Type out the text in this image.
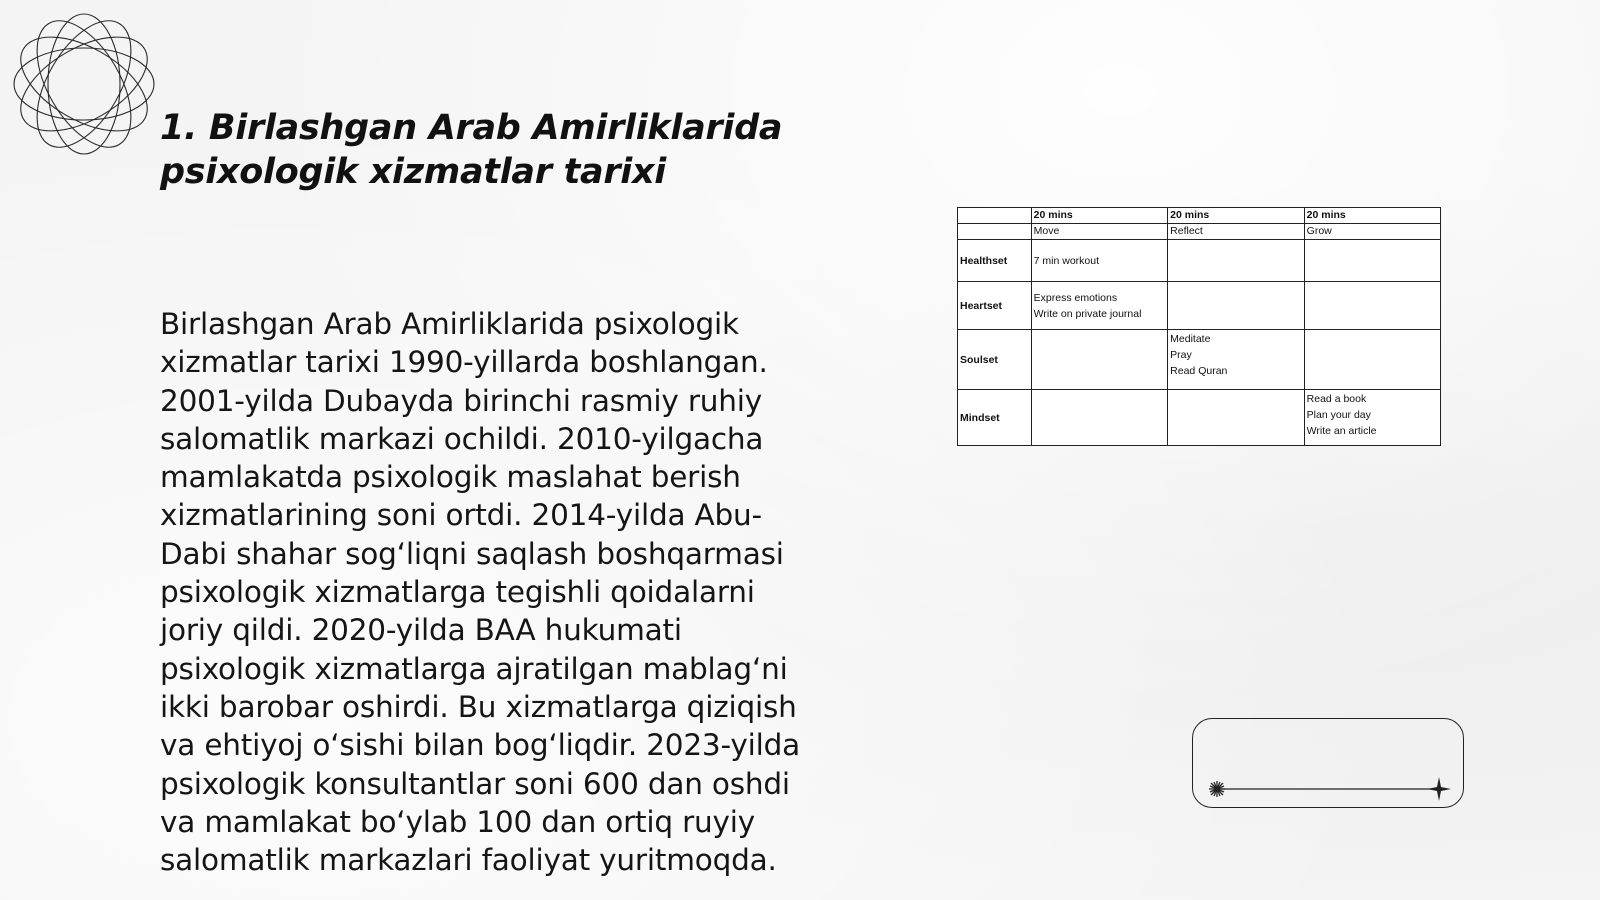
1. Birlashgan Arab Amirliklarida
psixologik xizmatlar tarixi

Birlashgan Arab Amirliklarida psixologik xizmatlar tarixi 1990-yillarda boshlangan. 2001-yilda Dubayda birinchi rasmiy ruhiy salomatlik markazi ochildi. 2010-yilgacha mamlakatda psixologik maslahat berish xizmatlarining soni ortdi. 2014-yilda Abu-Dabi shahar sog‘liqni saqlash boshqarmasi psixologik xizmatlarga tegishli qoidalarni joriy qildi. 2020-yilda BAA hukumati psixologik xizmatlarga ajratilgan mablag‘ni ikki barobar oshirdi. Bu xizmatlarga qiziqish va ehtiyoj o‘sishi bilan bog‘liqdir. 2023-yilda psixologik konsultantlar soni 600 dan oshdi va mamlakat bo‘ylab 100 dan ortiq ruyiy salomatlik markazlari faoliyat yuritmoqda.

	20 mins	20 mins	20 mins
	Move	Reflect	Grow
Healthset	7 min workout		

Heartset	Express emotions
Write on private journal		

Soulset		Meditate
Pray
Read Quran	

Mindset			Read a book
Plan your day
Write an article
